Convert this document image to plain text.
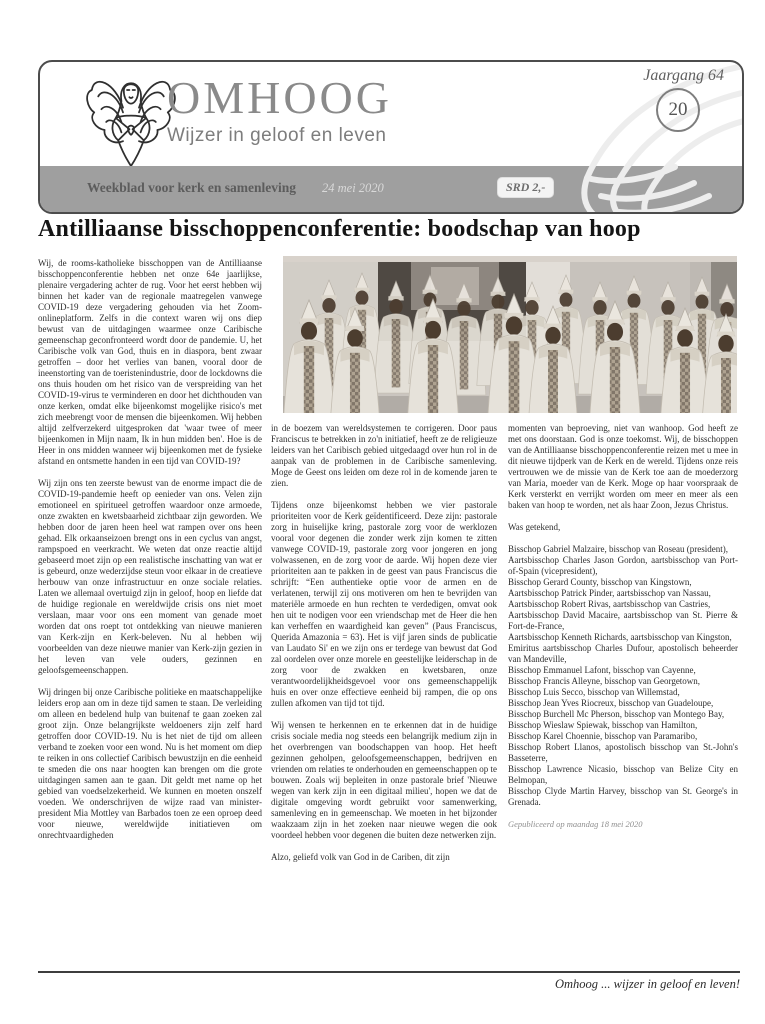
OMHOOG
Wijzer in geloof en leven
Jaargang 64
20
Weekblad voor kerk en samenleving 24 mei 2020	SRD 2,-
Antilliaanse bisschoppenconferentie: boodschap van hoop

Wij, de rooms-katholieke bisschoppen van de Antilliaanse bisschoppenconferentie hebben net onze 64e jaarlijkse, plenaire vergadering achter de rug. Voor het eerst hebben wij binnen het kader van de regionale maatregelen vanwege COVID-19 deze vergadering gehouden via het Zoom-onlineplatform. Zelfs in die context waren wij ons diep bewust van de uitdagingen waarmee onze Caribische gemeenschap geconfronteerd wordt door de pandemie. U, het Caribische volk van God, thuis en in diaspora, bent zwaar getroffen – door het verlies van banen, vooral door de ineenstorting van de toeristenindustrie, door de lockdowns die ons thuis houden om het risico van de verspreiding van het COVID-19-virus te verminderen en door het dichthouden van onze kerken, omdat elke bijeenkomst mogelijke risico's met zich meebrengt voor de mensen die bijeenkomen. Wij hebben altijd zelfverzekerd uitgesproken dat 'waar twee of meer bijeenkomen in Mijn naam, Ik in hun midden ben'. Hoe is de Heer in ons midden wanneer wij bijeenkomen met de fysieke afstand en ontsmette handen in een tijd van COVID-19?

Wij zijn ons ten zeerste bewust van de enorme impact die de COVID-19-pandemie heeft op eenieder van ons. Velen zijn emotioneel en spiritueel getroffen waardoor onze armoede, onze zwakten en kwetsbaarheid zichtbaar zijn geworden. We hebben door de jaren heen heel wat rampen over ons heen gehad. Elk orkaanseizoen brengt ons in een cyclus van angst, rampspoed en veerkracht. We weten dat onze reactie altijd gebaseerd moet zijn op een realistische inschatting van wat er is gebeurd, onze wederzijdse steun voor elkaar in de creatieve herbouw van onze infrastructuur en onze sociale relaties. Laten we allemaal overtuigd zijn in geloof, hoop en liefde dat de huidige regionale en wereldwijde crisis ons niet moet verslaan, maar voor ons een moment van genade moet worden dat ons roept tot ontdekking van nieuwe manieren van Kerk-zijn en Kerk-beleven. Nu al hebben wij voorbeelden van deze nieuwe manier van Kerk-zijn gezien in het leven van vele ouders, gezinnen en geloofsgemeenschappen.

Wij dringen bij onze Caribische politieke en maatschappelijke leiders erop aan om in deze tijd samen te staan. De verleiding om alleen en bedelend hulp van buitenaf te gaan zoeken zal groot zijn. Onze belangrijkste weldoeners zijn zelf hard getroffen door COVID-19. Nu is het niet de tijd om alleen verband te zoeken voor een wond. Nu is het moment om diep te reiken in ons collectief Caribisch bewustzijn en die eenheid te smeden die ons naar hoogten kan brengen om die grote uitdagingen samen aan te gaan. Dit geldt met name op het gebied van voedselzekerheid. We kunnen en moeten onszelf voeden. We onderschrijven de wijze raad van minister-president Mia Mottley van Barbados toen ze een oproep deed voor nieuwe, wereldwijde initiatieven om onrechtvaardigheden

in de boezem van wereldsystemen te corrigeren. Door paus Franciscus te betrekken in zo'n initiatief, heeft ze de religieuze leiders van het Caribisch gebied uitgedaagd over hun rol in de aanpak van de problemen in de Caribische samenleving. Moge de Geest ons leiden om deze rol in de komende jaren te zien.

Tijdens onze bijeenkomst hebben we vier pastorale prioriteiten voor de Kerk geïdentificeerd. Deze zijn: pastorale zorg in huiselijke kring, pastorale zorg voor de werklozen vooral voor degenen die zonder werk zijn komen te zitten vanwege COVID-19, pastorale zorg voor jongeren en jong volwassenen, en de zorg voor de aarde. Wij hopen deze vier prioriteiten aan te pakken in de geest van paus Franciscus die schrijft: “Een authentieke optie voor de armen en de verlatenen, terwijl zij ons motiveren om hen te bevrijden van materiële armoede en hun rechten te verdedigen, omvat ook hen uit te nodigen voor een vriendschap met de Heer die hen kan verheffen en waardigheid kan geven” (Paus Franciscus, Querida Amazonia = 63). Het is vijf jaren sinds de publicatie van Laudato Si' en we zijn ons er terdege van bewust dat God zal oordelen over onze morele en geestelijke leiderschap in de zorg voor de zwakken en kwetsbaren, onze verantwoordelijkheidsgevoel voor ons gemeenschappelijk huis en over onze effectieve eenheid bij rampen, die op ons zullen afkomen van tijd tot tijd.

Wij wensen te herkennen en te erkennen dat in de huidige crisis sociale media nog steeds een belangrijk medium zijn in het overbrengen van boodschappen van hoop. Het heeft gezinnen geholpen, geloofsgemeenschappen, bedrijven en vrienden om relaties te onderhouden en gemeenschappen op te bouwen. Zoals wij bepleiten in onze pastorale brief 'Nieuwe wegen van kerk zijn in een digitaal milieu', hopen we dat de digitale omgeving wordt gebruikt voor samenwerking, samenleving en in gemeenschap. We moeten in het bijzonder waakzaam zijn in het zoeken naar nieuwe wegen die ook voordeel hebben voor degenen die buiten deze netwerken zijn.

Alzo, geliefd volk van God in de Cariben, dit zijn

momenten van beproeving, niet van wanhoop. God heeft ze met ons doorstaan. God is onze toekomst. Wij, de bisschoppen van de Antilliaanse bisschoppenconferentie reizen met u mee in dit nieuwe tijdperk van de Kerk en de wereld. Tijdens onze reis vertrouwen we de missie van de Kerk toe aan de moederzorg van Maria, moeder van de Kerk. Moge op haar voorspraak de Kerk versterkt en verrijkt worden om meer en meer als een baken van hoop te worden, net als haar Zoon, Jezus Christus.

Was getekend,

Bisschop Gabriel Malzaire, bisschop van Roseau (president),
Aartsbisschop Charles Jason Gordon, aartsbisschop van Port-of-Spain (vicepresident),
Bisschop Gerard County, bisschop van Kingstown,
Aartsbisschop Patrick Pinder, aartsbisschop van Nassau,
Aartsbisschop Robert Rivas, aartsbisschop van Castries,
Aartsbisschop David Macaire, aartsbisschop van St. Pierre & Fort-de-France,
Aartsbisschop Kenneth Richards, aartsbisschop van Kingston,
Emiritus aartsbisschop Charles Dufour, apostolisch beheerder van Mandeville,
Bisschop Emmanuel Lafont, bisschop van Cayenne,
Bisschop Francis Alleyne, bisschop van Georgetown,
Bisschop Luis Secco, bisschop van Willemstad,
Bisschop Jean Yves Riocreux, bisschop van Guadeloupe,
Bisschop Burchell Mc Pherson, bisschop van Montego Bay,
Bisschop Wieslaw Spiewak, bisschop van Hamilton,
Bisschop Karel Choennie, bisschop van Paramaribo,
Bisschop Robert Llanos, apostolisch bisschop van St.-John's Basseterre,
Bisschop Lawrence Nicasio, bisschop van Belize City en Belmopan,
Bisschop Clyde Martin Harvey, bisschop van St. George's in Grenada.
Gepubliceerd op maandag 18 mei 2020
Omhoog ... wijzer in geloof en leven!
